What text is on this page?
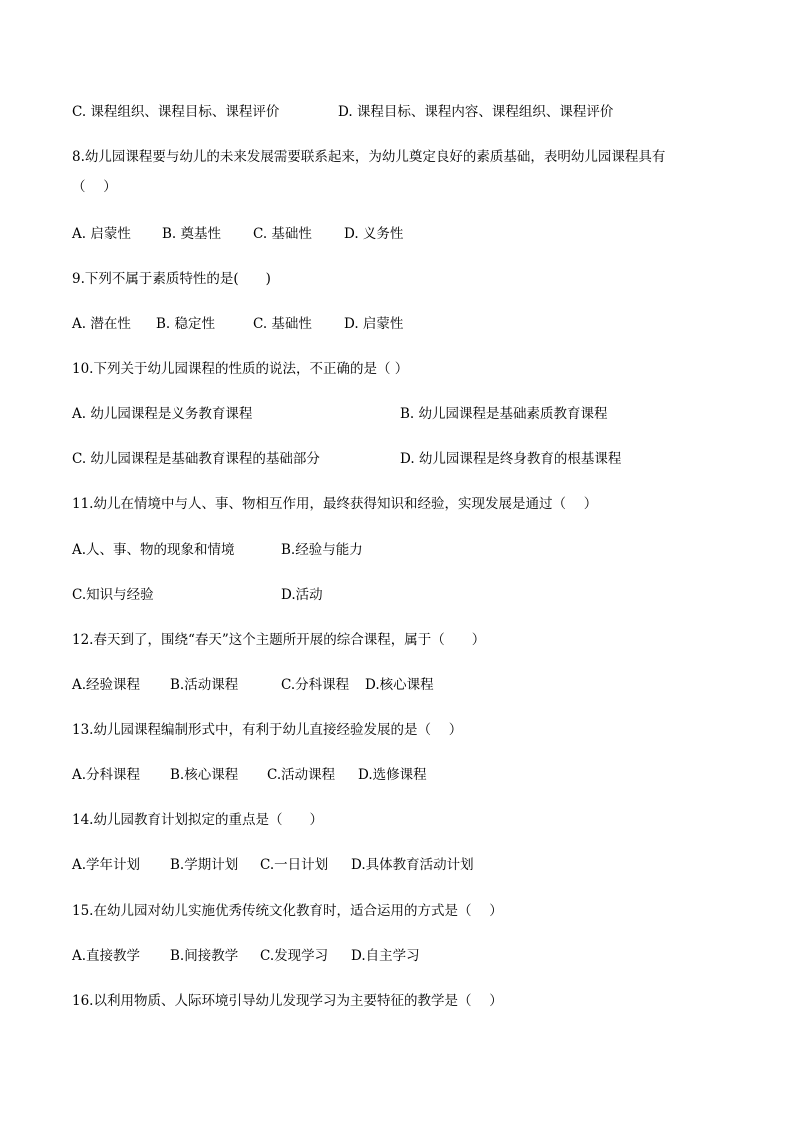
C. 课程组织、课程目标、课程评价	D. 课程目标、课程内容、课程组织、课程评价
8.幼儿园课程要与幼儿的未来发展需要联系起来，为幼儿奠定良好的素质基础，表明幼儿园课程具有
（　 ）
A. 启蒙性 B. 奠基性 C. 基础性 D. 义务性
9.下列不属于素质特性的是(　　)
A. 潜在性 B. 稳定性	C. 基础性 D. 启蒙性
10.下列关于幼儿园课程的性质的说法，不正确的是（ ）
A. 幼儿园课程是义务教育课程	B. 幼儿园课程是基础素质教育课程
C. 幼儿园课程是基础教育课程的基础部分	D. 幼儿园课程是终身教育的根基课程
11.幼儿在情境中与人、事、物相互作用，最终获得知识和经验，实现发展是通过（　 ）
A.人、事、物的现象和情境	B.经验与能力
C.知识与经验	D.活动
12.春天到了，围绕“春天”这个主题所开展的综合课程，属于（　　）
A.经验课程 B.活动课程	C.分科课程 D.核心课程
13.幼儿园课程编制形式中，有利于幼儿直接经验发展的是（　 ）
A.分科课程 B.核心课程 C.活动课程 D.选修课程
14.幼儿园教育计划拟定的重点是（　　）
A.学年计划 B.学期计划 C.一日计划 D.具体教育活动计划
15.在幼儿园对幼儿实施优秀传统文化教育时，适合运用的方式是（　 ）
A.直接教学 B.间接教学 C.发现学习 D.自主学习
16.以利用物质、人际环境引导幼儿发现学习为主要特征的教学是（　 ）
